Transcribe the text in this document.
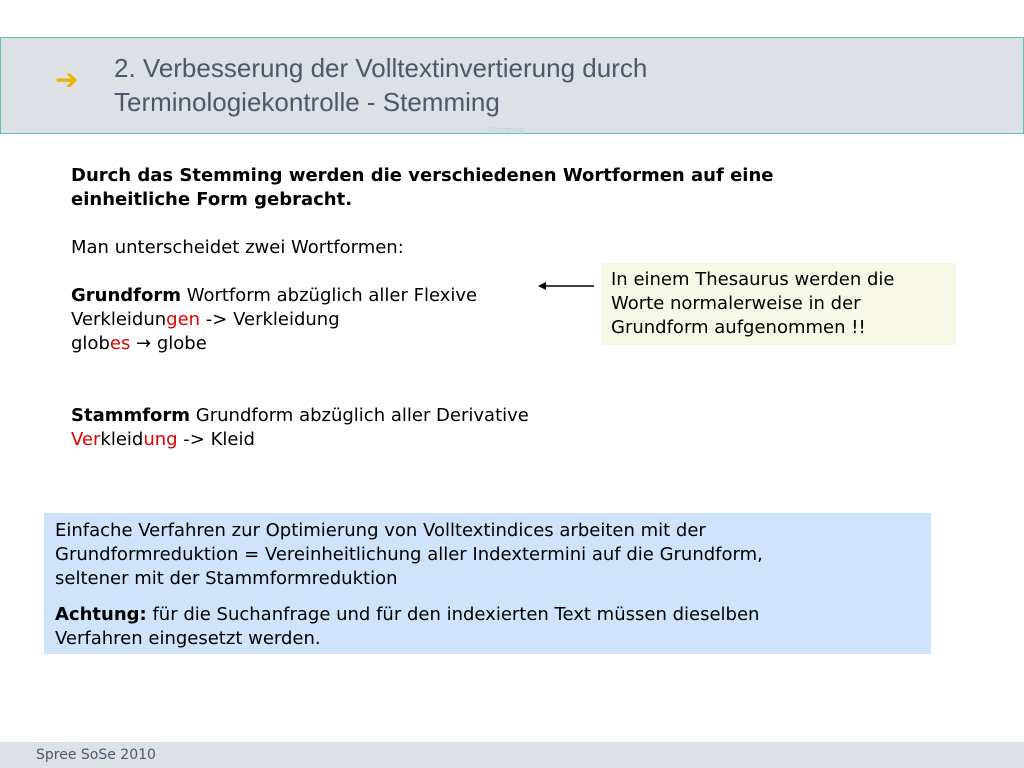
➔ 2. Verbesserung der Volltextinvertierung durch
Terminologiekontrolle - Stemming
Stemming

Durch das Stemming werden die verschiedenen Wortformen auf eine
einheitliche Form gebracht.

Man unterscheidet zwei Wortformen:

Grundform Wortform abzüglich aller Flexive

Verkleidungen -> Verkleidung

globes → globe

Stammform Grundform abzüglich aller Derivative

Verkleidung -> Kleid

In einem Thesaurus werden die
Worte normalerweise in der
Grundform aufgenommen !!

Einfache Verfahren zur Optimierung von Volltextindices arbeiten mit der
Grundformreduktion = Vereinheitlichung aller Indextermini auf die Grundform,
seltener mit der Stammformreduktion

Achtung: für die Suchanfrage und für den indexierten Text müssen dieselben
Verfahren eingesetzt werden.

Spree SoSe 2010
